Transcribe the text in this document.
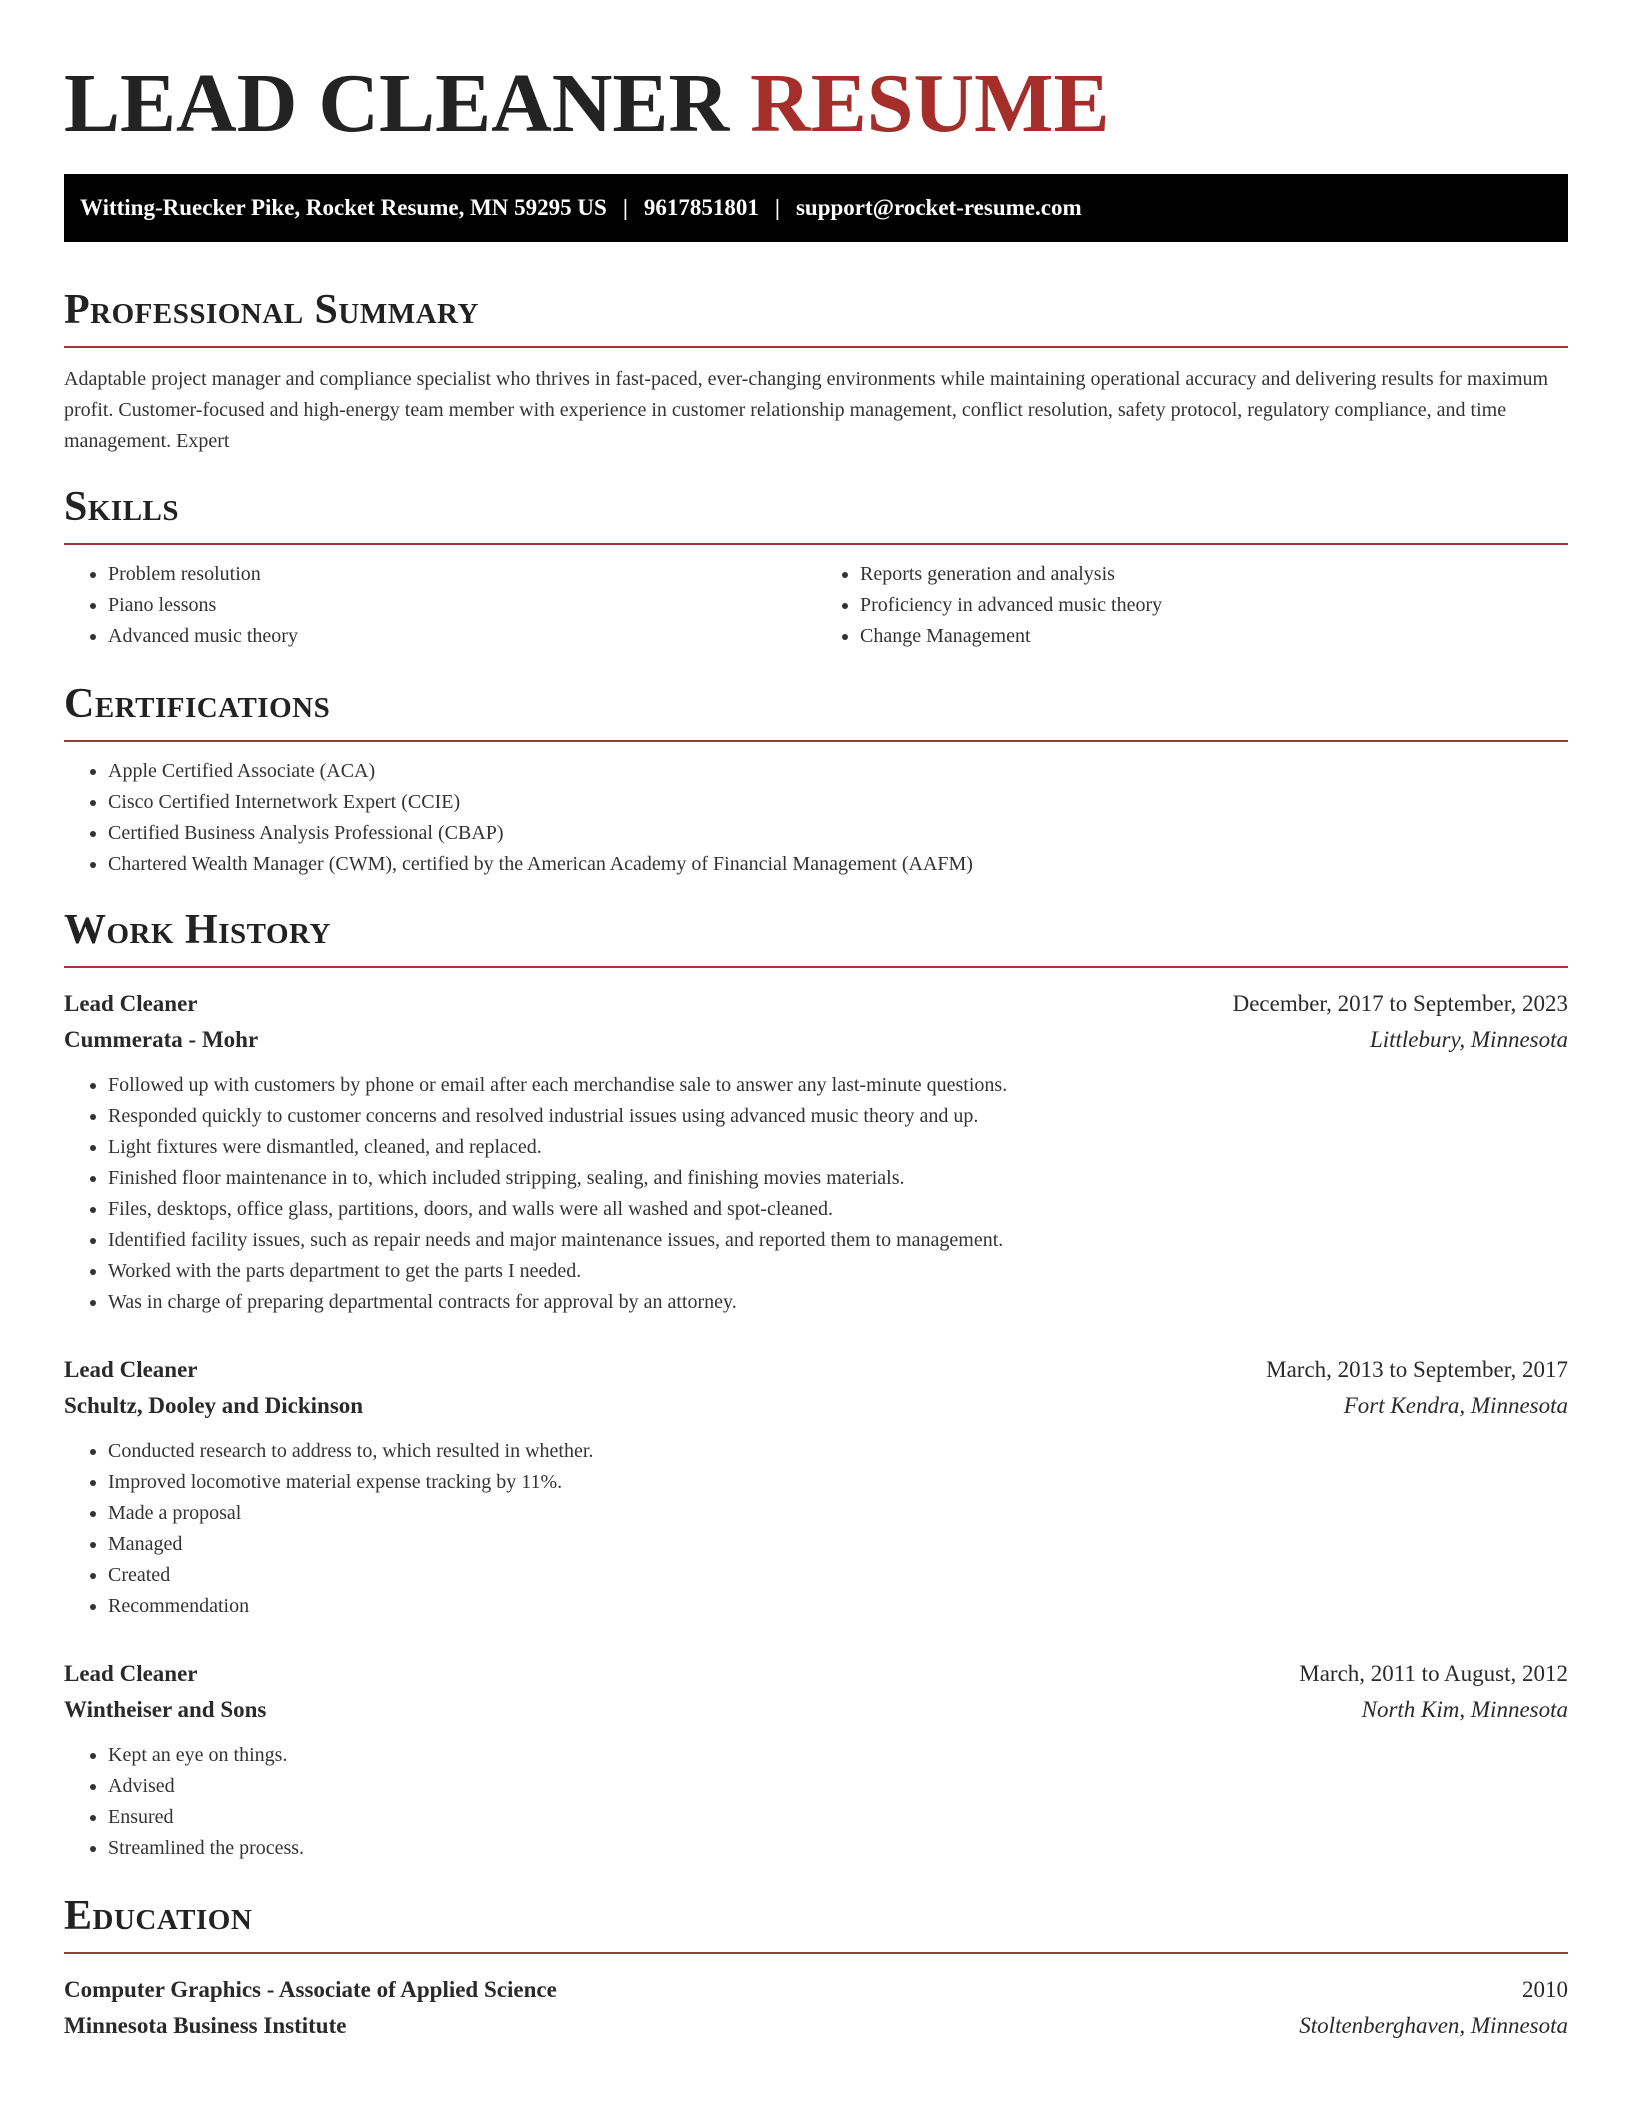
LEAD CLEANER RESUME
Witting-Ruecker Pike, Rocket Resume, MN 59295 US | 9617851801 | support@rocket-resume.com
Professional Summary

Adaptable project manager and compliance specialist who thrives in fast-paced, ever-changing environments while maintaining operational accuracy and delivering results for maximum profit. Customer-focused and high-energy team member with experience in customer relationship management, conflict resolution, safety protocol, regulatory compliance, and time management. Expert

Skills
• Problem resolution
• Piano lessons
• Advanced music theory
• Reports generation and analysis
• Proficiency in advanced music theory
• Change Management
Certifications
• Apple Certified Associate (ACA)
• Cisco Certified Internetwork Expert (CCIE)
• Certified Business Analysis Professional (CBAP)
• Chartered Wealth Manager (CWM), certified by the American Academy of Financial Management (AAFM)
Work History
Lead Cleaner	December, 2017 to September, 2023
Cummerata - Mohr	Littlebury, Minnesota
• Followed up with customers by phone or email after each merchandise sale to answer any last-minute questions.
• Responded quickly to customer concerns and resolved industrial issues using advanced music theory and up.
• Light fixtures were dismantled, cleaned, and replaced.
• Finished floor maintenance in to, which included stripping, sealing, and finishing movies materials.
• Files, desktops, office glass, partitions, doors, and walls were all washed and spot-cleaned.
• Identified facility issues, such as repair needs and major maintenance issues, and reported them to management.
• Worked with the parts department to get the parts I needed.
• Was in charge of preparing departmental contracts for approval by an attorney.
Lead Cleaner	March, 2013 to September, 2017
Schultz, Dooley and Dickinson	Fort Kendra, Minnesota
• Conducted research to address to, which resulted in whether.
• Improved locomotive material expense tracking by 11%.
• Made a proposal
• Managed
• Created
• Recommendation
Lead Cleaner	March, 2011 to August, 2012
Wintheiser and Sons	North Kim, Minnesota
• Kept an eye on things.
• Advised
• Ensured
• Streamlined the process.
Education
Computer Graphics - Associate of Applied Science	2010
Minnesota Business Institute	Stoltenberghaven, Minnesota
